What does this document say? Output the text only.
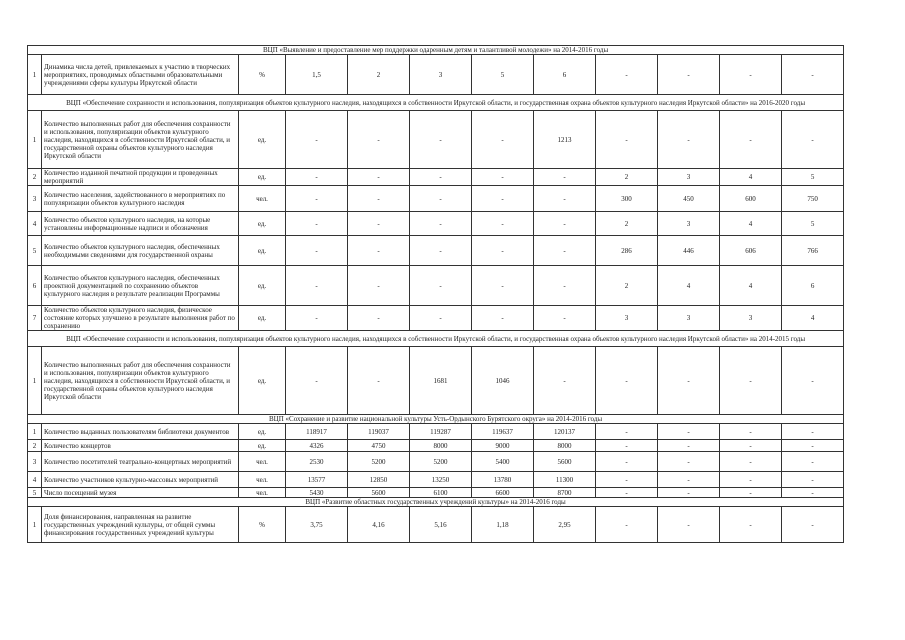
ВЦП «Выявление и предоставление мер поддержки одаренным детям и талантливой молодежи» на 2014-2016 годы											
1	Динамика числа детей, привлекаемых к участию в творческих мероприятиях, проводимых областными образовательными учреждениями сферы культуры Иркутской области	%	1,5	2	3	5	6	-	-	-	-
ВЦП «Обеспечение сохранности и использования, популяризация объектов культурного наследия, находящихся в собственности Иркутской области, и государственная охрана объектов культурного наследия Иркутской области» на 2016-2020 годы											
1	Количество выполненных работ для обеспечения сохранности и использования, популяризации объектов культурного наследия, находящихся в собственности Иркутской области, и государственной охраны объектов культурного наследия Иркутской области	ед.	-	-	-	-	1213	-	-	-	-
2	Количество изданной печатной продукции и проведенных мероприятий	ед.	-	-	-	-	-	2	3	4	5
3	Количество населения, задействованного в мероприятиях по популяризации объектов культурного наследия	чел.	-	-	-	-	-	300	450	600	750
4	Количество объектов культурного наследия, на которые установлены информационные надписи и обозначения	ед.	-	-	-	-	-	2	3	4	5
5	Количество объектов культурного наследия, обеспеченных необходимыми сведениями для государственной охраны	ед.	-	-	-	-	-	286	446	606	766
6	Количество объектов культурного наследия, обеспеченных проектной документацией по сохранению объектов культурного наследия в результате реализации Программы	ед.	-	-	-	-	-	2	4	4	6
7	Количество объектов культурного наследия, физическое состояние которых улучшено в результате выполнения работ по сохранению	ед.	-	-	-	-	-	3	3	3	4
ВЦП «Обеспечение сохранности и использования, популяризация объектов культурного наследия, находящихся в собственности Иркутской области, и государственная охрана объектов культурного наследия Иркутской области» на 2014-2015 годы											
1	Количество выполненных работ для обеспечения сохранности и использования, популяризации объектов культурного наследия, находящихся в собственности Иркутской области, и государственной охраны объектов культурного наследия Иркутской области	ед.	-	-	1681	1046	-	-	-	-	-
ВЦП «Сохранение и развитие национальной культуры Усть-Ордынского Бурятского округа» на 2014-2016 годы											
1	Количество выданных пользователям библиотеки документов	ед.	118917	119037	119287	119637	120137	-	-	-	-
2	Количество концертов	ед.	4326	4750	8000	9000	8000	-	-	-	-
3	Количество посетителей театрально-концертных мероприятий	чел.	2530	5200	5200	5400	5600	-	-	-	-
4	Количество участников культурно-массовых мероприятий	чел.	13577	12850	13250	13780	11300	-	-	-	-
5	Число посещений музея	чел.	5430	5600	6100	6600	8700	-	-	-	-
ВЦП «Развитие областных государственных учреждений культуры» на 2014-2016 годы											
1	Доля финансирования, направленная на развитие государственных учреждений культуры, от общей суммы финансирования государственных учреждений культуры	%	3,75	4,16	5,16	1,18	2,95	-	-	-	-
